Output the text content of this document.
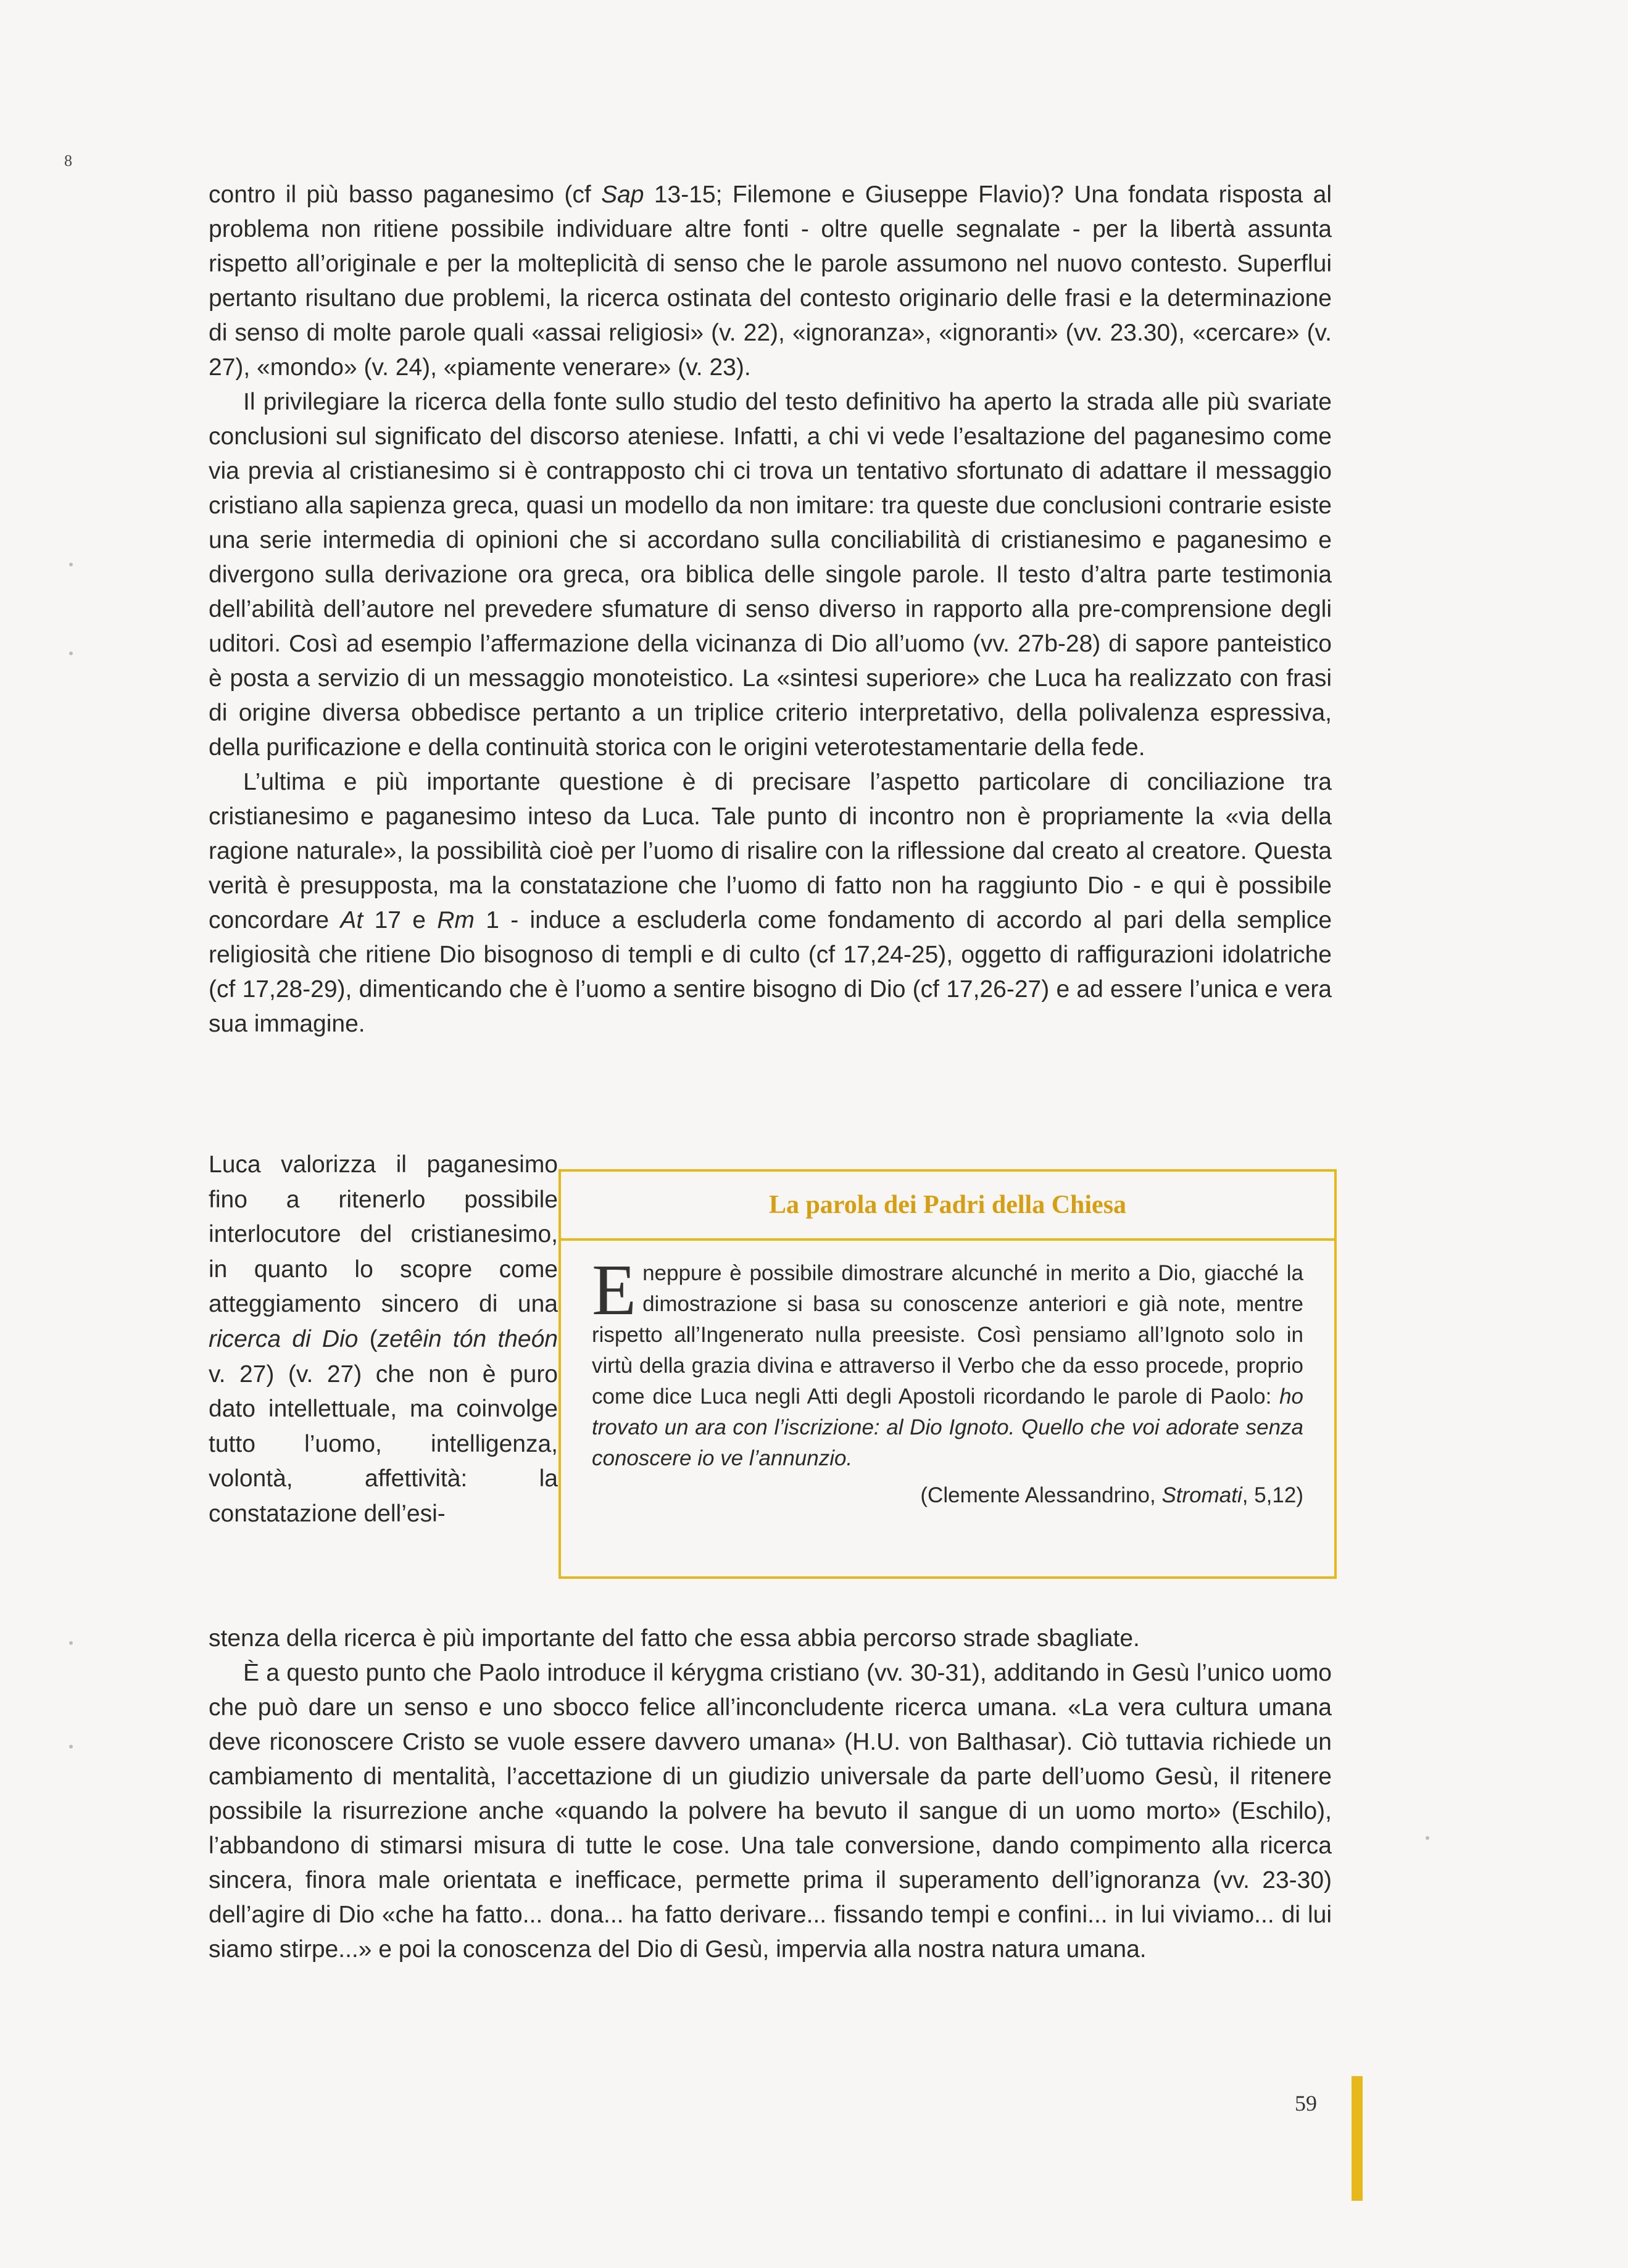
8

contro il più basso paganesimo (cf Sap 13-15; Filemone e Giuseppe Flavio)? Una fondata risposta al problema non ritiene possibile individuare altre fonti - oltre quelle segnalate - per la libertà assunta rispetto all’originale e per la molteplicità di senso che le parole assumono nel nuovo contesto. Superflui pertanto risultano due problemi, la ricerca ostinata del contesto originario delle frasi e la determinazione di senso di molte parole quali «assai religiosi» (v. 22), «ignoranza», «ignoranti» (vv. 23.30), «cercare» (v. 27), «mondo» (v. 24), «piamente venerare» (v. 23).

Il privilegiare la ricerca della fonte sullo studio del testo definitivo ha aperto la strada alle più svariate conclusioni sul significato del discorso ateniese. Infatti, a chi vi vede l’esaltazione del paganesimo come via previa al cristianesimo si è contrapposto chi ci trova un tentativo sfortunato di adattare il messaggio cristiano alla sapienza greca, quasi un modello da non imitare: tra queste due conclusioni contrarie esiste una serie intermedia di opinioni che si accordano sulla conciliabilità di cristianesimo e paganesimo e divergono sulla derivazione ora greca, ora biblica delle singole parole. Il testo d’altra parte testimonia dell’abilità dell’autore nel prevedere sfumature di senso diverso in rapporto alla pre-comprensione degli uditori. Così ad esempio l’affermazione della vicinanza di Dio all’uomo (vv. 27b-28) di sapore panteistico è posta a servizio di un messaggio monoteistico. La «sintesi superiore» che Luca ha realizzato con frasi di origine diversa obbedisce pertanto a un triplice criterio interpretativo, della polivalenza espressiva, della purificazione e della continuità storica con le origini veterotestamentarie della fede.

L’ultima e più importante questione è di precisare l’aspetto particolare di conciliazione tra cristianesimo e paganesimo inteso da Luca. Tale punto di incontro non è propriamente la «via della ragione naturale», la possibilità cioè per l’uomo di risalire con la riflessione dal creato al creatore. Questa verità è presupposta, ma la constatazione che l’uomo di fatto non ha raggiunto Dio - e qui è possibile concordare At 17 e Rm 1 - induce a escluderla come fondamento di accordo al pari della semplice religiosità che ritiene Dio bisognoso di templi e di culto (cf 17,24-25), oggetto di raffigurazioni idolatriche (cf 17,28-29), dimenticando che è l’uomo a sentire bisogno di Dio (cf 17,26-27) e ad essere l’unica e vera sua immagine.

Luca valorizza il paganesimo fino a ritenerlo possibile interlocutore del cristianesimo, in quanto lo scopre come atteggiamento sincero di una ricerca di Dio (zetêin tón theón v. 27) (v. 27) che non è puro dato intellettuale, ma coinvolge tutto l’uomo, intelligenza, volontà, affettività: la constatazione dell’esi-

La parola dei Padri della Chiesa
Eneppure è possibile dimostrare alcunché in merito a Dio, giacché la dimostrazione si basa su conoscenze anteriori e già note, mentre rispetto all’Ingenerato nulla preesiste. Così pensiamo all’Ignoto solo in virtù della grazia divina e attraverso il Verbo che da esso procede, proprio come dice Luca negli Atti degli Apostoli ricordando le parole di Paolo: ho trovato un ara con l’iscrizione: al Dio Ignoto. Quello che voi adorate senza conoscere io ve l’annunzio.
(Clemente Alessandrino, Stromati, 5,12)

stenza della ricerca è più importante del fatto che essa abbia percorso strade sbagliate.

È a questo punto che Paolo introduce il kérygma cristiano (vv. 30-31), additando in Gesù l’unico uomo che può dare un senso e uno sbocco felice all’inconcludente ricerca umana. «La vera cultura umana deve riconoscere Cristo se vuole essere davvero umana» (H.U. von Balthasar). Ciò tuttavia richiede un cambiamento di mentalità, l’accettazione di un giudizio universale da parte dell’uomo Gesù, il ritenere possibile la risurrezione anche «quando la polvere ha bevuto il sangue di un uomo morto» (Eschilo), l’abbandono di stimarsi misura di tutte le cose. Una tale conversione, dando compimento alla ricerca sincera, finora male orientata e inefficace, permette prima il superamento dell’ignoranza (vv. 23-30) dell’agire di Dio «che ha fatto... dona... ha fatto derivare... fissando tempi e confini... in lui viviamo... di lui siamo stirpe...» e poi la conoscenza del Dio di Gesù, impervia alla nostra natura umana.

59
